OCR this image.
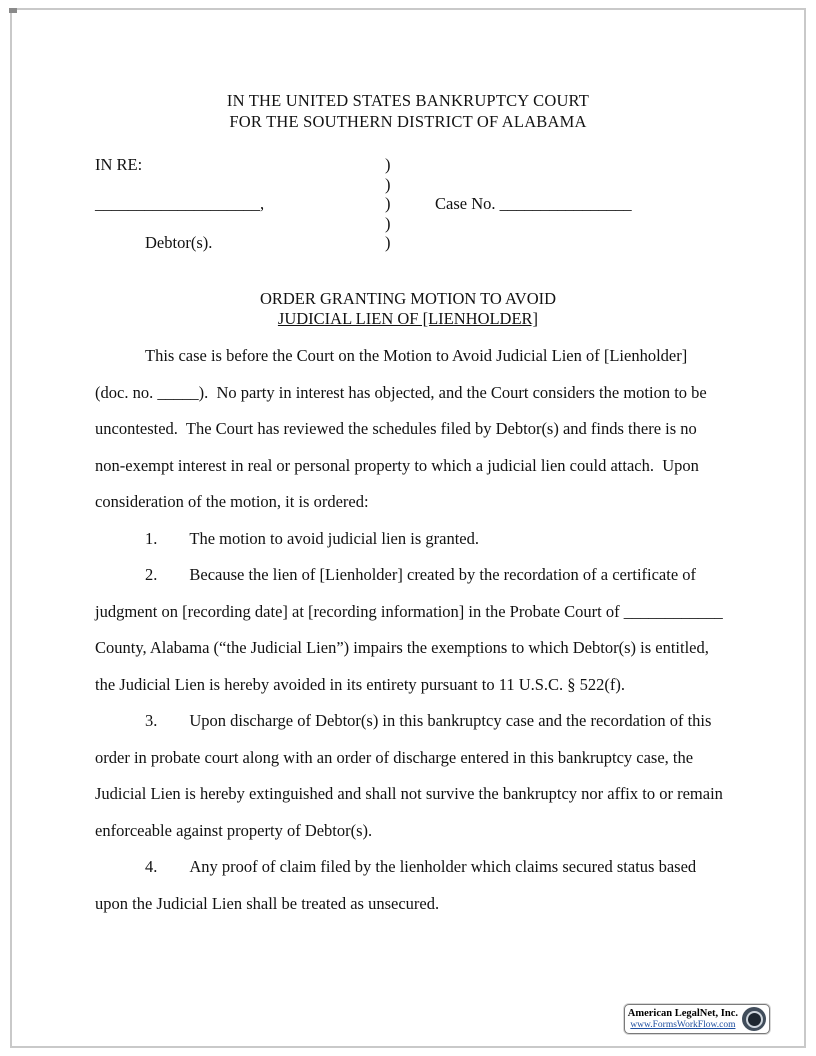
IN THE UNITED STATES BANKRUPTCY COURT
FOR THE SOUTHERN DISTRICT OF ALABAMA
IN RE:	)
)
____________________,	)	Case No. ________________
)
Debtor(s).	)
ORDER GRANTING MOTION TO AVOID
JUDICIAL LIEN OF [LIENHOLDER]

This case is before the Court on the Motion to Avoid Judicial Lien of [Lienholder] (doc. no. _____).  No party in interest has objected, and the Court considers the motion to be uncontested.  The Court has reviewed the schedules filed by Debtor(s) and finds there is no non-exempt interest in real or personal property to which a judicial lien could attach.  Upon consideration of the motion, it is ordered:

1. The motion to avoid judicial lien is granted.

2. Because the lien of [Lienholder] created by the recordation of a certificate of judgment on [recording date] at [recording information] in the Probate Court of ____________ County, Alabama (“the Judicial Lien”) impairs the exemptions to which Debtor(s) is entitled, the Judicial Lien is hereby avoided in its entirety pursuant to 11 U.S.C. § 522(f).

3. Upon discharge of Debtor(s) in this bankruptcy case and the recordation of this order in probate court along with an order of discharge entered in this bankruptcy case, the Judicial Lien is hereby extinguished and shall not survive the bankruptcy nor affix to or remain enforceable against property of Debtor(s).

4. Any proof of claim filed by the lienholder which claims secured status based upon the Judicial Lien shall be treated as unsecured.

American LegalNet, Inc.
www.FormsWorkFlow.com
